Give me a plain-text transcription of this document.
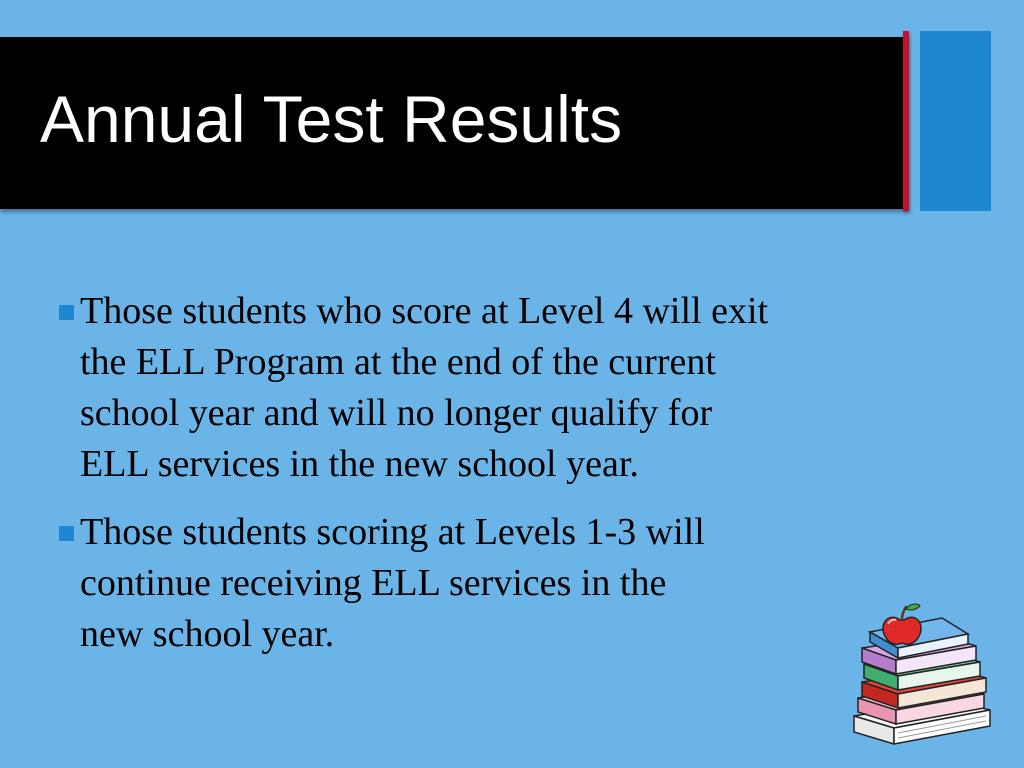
Annual Test Results
Those students who score at Level 4 will exit
the ELL Program at the end of the current
school year and will no longer qualify for
ELL services in the new school year.
Those students scoring at Levels 1-3 will
continue receiving ELL services in the
new school year.
